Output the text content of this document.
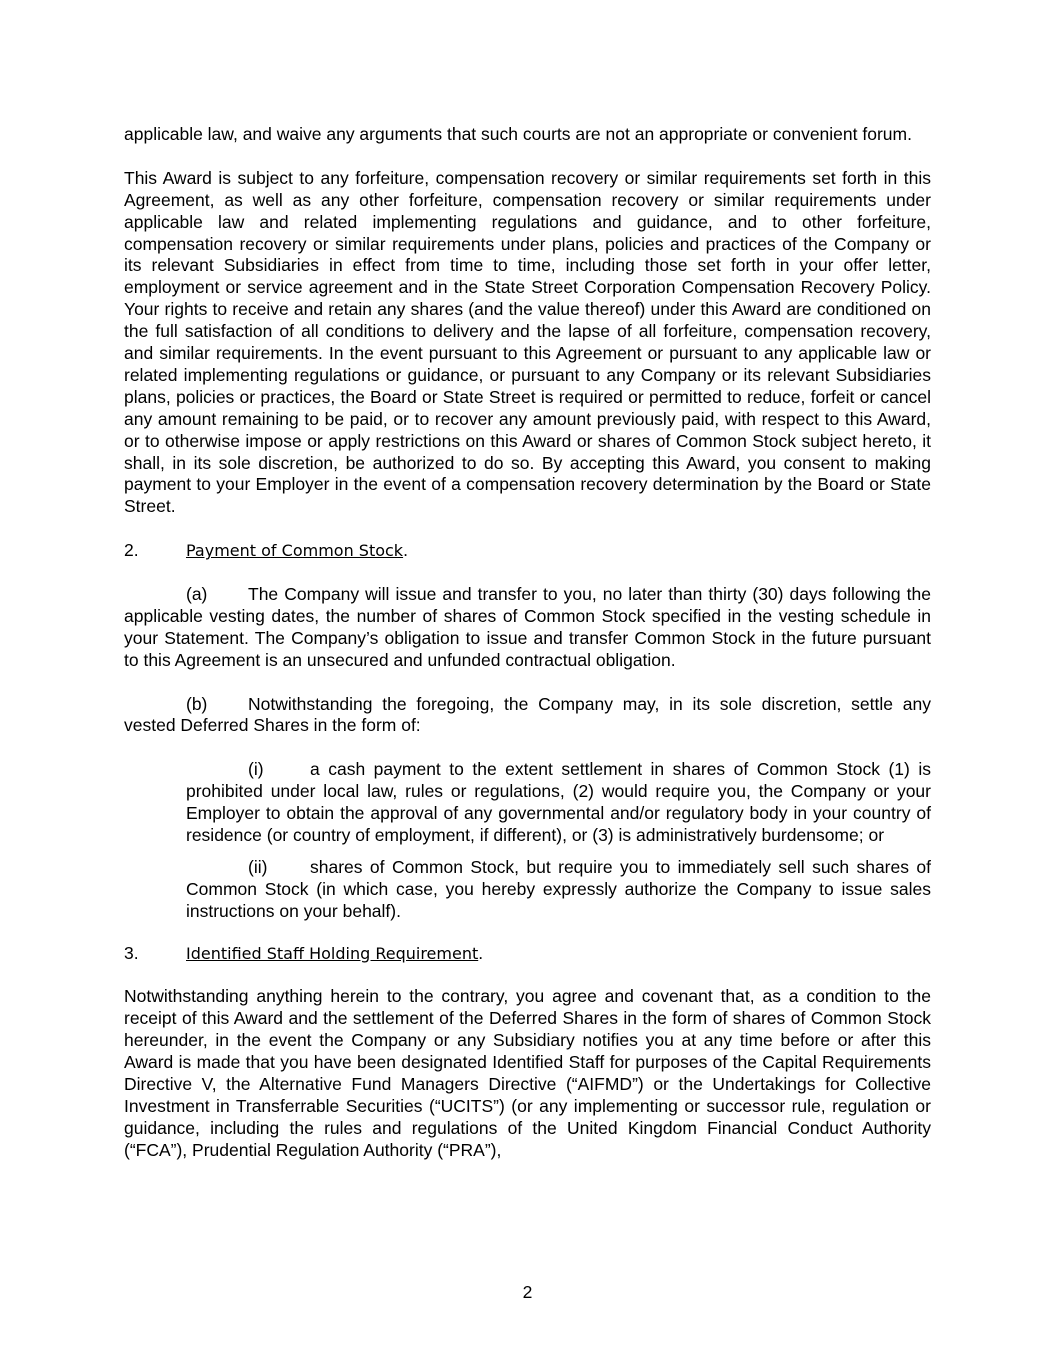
applicable law, and waive any arguments that such courts are not an appropriate or convenient forum.

This Award is subject to any forfeiture, compensation recovery or similar requirements set forth in this Agreement, as well as any other forfeiture, compensation recovery or similar requirements under applicable law and related implementing regulations and guidance, and to other forfeiture, compensation recovery or similar requirements under plans, policies and practices of the Company or its relevant Subsidiaries in effect from time to time, including those set forth in your offer letter, employment or service agreement and in the State Street Corporation Compensation Recovery Policy. Your rights to receive and retain any shares (and the value thereof) under this Award are conditioned on the full satisfaction of all conditions to delivery and the lapse of all forfeiture, compensation recovery, and similar requirements. In the event pursuant to this Agreement or pursuant to any applicable law or related implementing regulations or guidance, or pursuant to any Company or its relevant Subsidiaries plans, policies or practices, the Board or State Street is required or permitted to reduce, forfeit or cancel any amount remaining to be paid, or to recover any amount previously paid, with respect to this Award, or to otherwise impose or apply restrictions on this Award or shares of Common Stock subject hereto, it shall, in its sole discretion, be authorized to do so. By accepting this Award, you consent to making payment to your Employer in the event of a compensation recovery determination by the Board or State Street.

2.	Payment of Common Stock.

(a) The Company will issue and transfer to you, no later than thirty (30) days following the applicable vesting dates, the number of shares of Common Stock specified in the vesting schedule in your Statement. The Company’s obligation to issue and transfer Common Stock in the future pursuant to this Agreement is an unsecured and unfunded contractual obligation.

(b) Notwithstanding the foregoing, the Company may, in its sole discretion, settle any vested Deferred Shares in the form of:

(i)	a cash payment to the extent settlement in shares of Common Stock (1) is prohibited under local law, rules or regulations, (2) would require you, the Company or your Employer to obtain the approval of any governmental and/or regulatory body in your country of residence (or country of employment, if different), or (3) is administratively burdensome; or

(ii) shares of Common Stock, but require you to immediately sell such shares of Common Stock (in which case, you hereby expressly authorize the Company to issue sales instructions on your behalf).

3.	Identified Staff Holding Requirement.

Notwithstanding anything herein to the contrary, you agree and covenant that, as a condition to the receipt of this Award and the settlement of the Deferred Shares in the form of shares of Common Stock hereunder, in the event the Company or any Subsidiary notifies you at any time before or after this Award is made that you have been designated Identified Staff for purposes of the Capital Requirements Directive V, the Alternative Fund Managers Directive (“AIFMD”) or the Undertakings for Collective Investment in Transferrable Securities (“UCITS”) (or any implementing or successor rule, regulation or guidance, including the rules and regulations of the United Kingdom Financial Conduct Authority (“FCA”), Prudential Regulation Authority (“PRA”),

2
